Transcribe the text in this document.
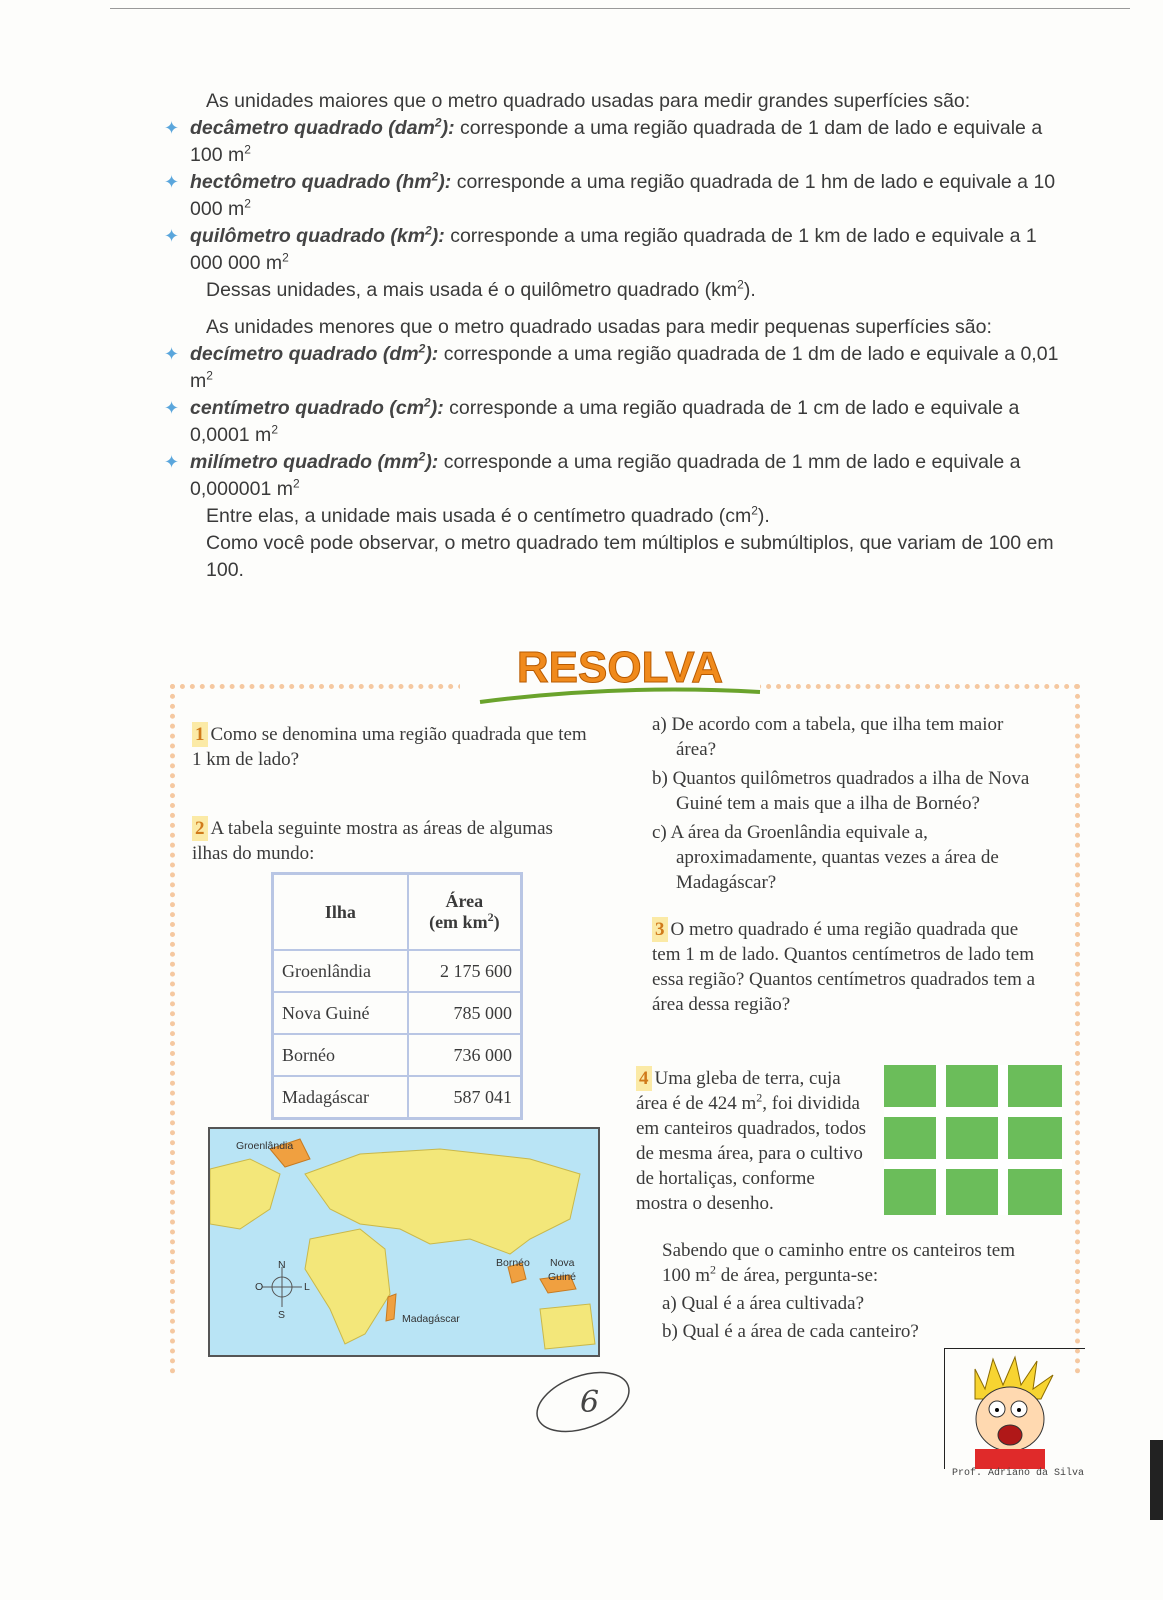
As unidades maiores que o metro quadrado usadas para medir grandes superfícies são:

✦ decâmetro quadrado (dam$^2$): corresponde a uma região quadrada de 1 dam de lado e equivale a 100 $m^2$

✦ hectômetro quadrado $(hm^2)$: corresponde a uma região quadrada de 1 hm de lado e equivale a 10 000 $m^2$

✦ quilômetro quadrado $(km^2)$: corresponde a uma região quadrada de 1 km de lado e equivale a 1 000 000 $m^2$

Dessas unidades, a mais usada é o quilômetro quadrado $(km^2)$.

As unidades menores que o metro quadrado usadas para medir pequenas superfícies são:

✦ decímetro quadrado $(dm^2)$: corresponde a uma região quadrada de 1 dm de lado e equivale a 0,01 $m^2$

✦ centímetro quadrado $(cm^2)$: corresponde a uma região quadrada de 1 cm de lado e equivale a 0,0001 $m^2$

✦ milímetro quadrado $(mm^2)$: corresponde a uma região quadrada de 1 mm de lado e equivale a 0,000001 $m^2$

Entre elas, a unidade mais usada é o centímetro quadrado $(cm^2)$.

Como você pode observar, o metro quadrado tem múltiplos e submúltiplos, que variam de 100 em 100.

RESOLVA

1 Como se denomina uma região quadrada que tem 1 km de lado?

2 A tabela seguinte mostra as áreas de algumas ilhas do mundo:

Ilha	Área
(em $km^2$)
Groenlândia	2 175 600
Nova Guiné	785 000
Bornéo	736 000
Madagáscar	587 041
Groenlândia
Bornéo Nova
Guiné
Madagáscar
N
S
O	L

a) De acordo com a tabela, que ilha tem maior área?

b) Quantos quilômetros quadrados a ilha de Nova Guiné tem a mais que a ilha de Bornéo?

c) A área da Groenlândia equivale a, aproximadamente, quantas vezes a área de Madagáscar?

3 O metro quadrado é uma região quadrada que tem 1 m de lado. Quantos centímetros de lado tem essa região? Quantos centímetros quadrados tem a área dessa região?

4 Uma gleba de terra, cuja área é de 424 $m^2$, foi dividida em canteiros quadrados, todos de mesma área, para o cultivo de hortaliças, conforme mostra o desenho.

Sabendo que o caminho entre os canteiros tem 100 $m^2$ de área, pergunta-se:

a) Qual é a área cultivada?

b) Qual é a área de cada canteiro?

6
Prof. Adriano da Silva
